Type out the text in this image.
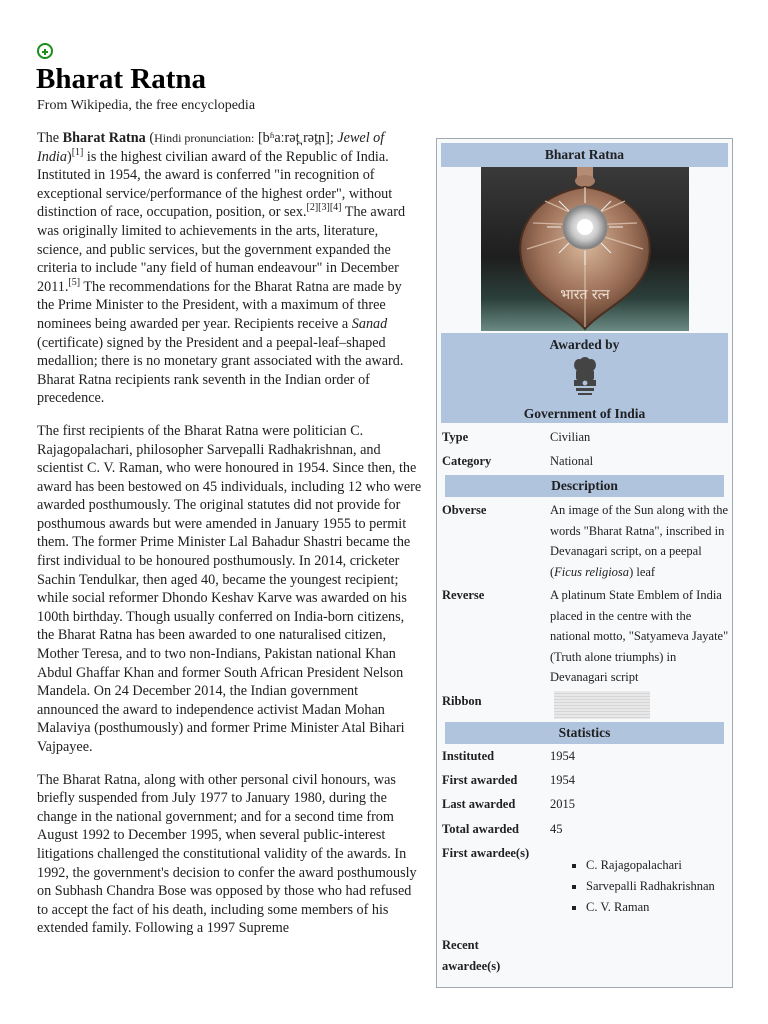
Bharat Ratna
From Wikipedia, the free encyclopedia

The Bharat Ratna (Hindi pronunciation: [bʱaːrət̪ rət̪n]; Jewel of India)[1] is the highest civilian award of the Republic of India. Instituted in 1954, the award is conferred "in recognition of exceptional service/performance of the highest order", without distinction of race, occupation, position, or sex.[2][3][4] The award was originally limited to achievements in the arts, literature, science, and public services, but the government expanded the criteria to include "any field of human endeavour" in December 2011.[5] The recommendations for the Bharat Ratna are made by the Prime Minister to the President, with a maximum of three nominees being awarded per year. Recipients receive a Sanad (certificate) signed by the President and a peepal-leaf–shaped medallion; there is no monetary grant associated with the award. Bharat Ratna recipients rank seventh in the Indian order of precedence.

The first recipients of the Bharat Ratna were politician C. Rajagopalachari, philosopher Sarvepalli Radhakrishnan, and scientist C. V. Raman, who were honoured in 1954. Since then, the award has been bestowed on 45 individuals, including 12 who were awarded posthumously. The original statutes did not provide for posthumous awards but were amended in January 1955 to permit them. The former Prime Minister Lal Bahadur Shastri became the first individual to be honoured posthumously. In 2014, cricketer Sachin Tendulkar, then aged 40, became the youngest recipient; while social reformer Dhondo Keshav Karve was awarded on his 100th birthday. Though usually conferred on India-born citizens, the Bharat Ratna has been awarded to one naturalised citizen, Mother Teresa, and to two non-Indians, Pakistan national Khan Abdul Ghaffar Khan and former South African President Nelson Mandela. On 24 December 2014, the Indian government announced the award to independence activist Madan Mohan Malaviya (posthumously) and former Prime Minister Atal Bihari Vajpayee.

The Bharat Ratna, along with other personal civil honours, was briefly suspended from July 1977 to January 1980, during the change in the national government; and for a second time from August 1992 to December 1995, when several public-interest litigations challenged the constitutional validity of the awards. In 1992, the government's decision to confer the award posthumously on Subhash Chandra Bose was opposed by those who had refused to accept the fact of his death, including some members of his extended family. Following a 1997 Supreme

Bharat Ratna
भारत रत्न
Awarded by
Government of India
Type	Civilian
Category	National
Description
Obverse	An image of the Sun along with the words "Bharat Ratna", inscribed in Devanagari script, on a peepal (Ficus religiosa) leaf
Reverse	A platinum State Emblem of India placed in the centre with the national motto, "Satyameva Jayate" (Truth alone triumphs) in Devanagari script
Ribbon
Statistics
Instituted	1954
First awarded	1954
Last awarded	2015
Total awarded	45
First awardee(s)
C. Rajagopalachari
Sarvepalli Radhakrishnan
C. V. Raman
Recent awardee(s)
